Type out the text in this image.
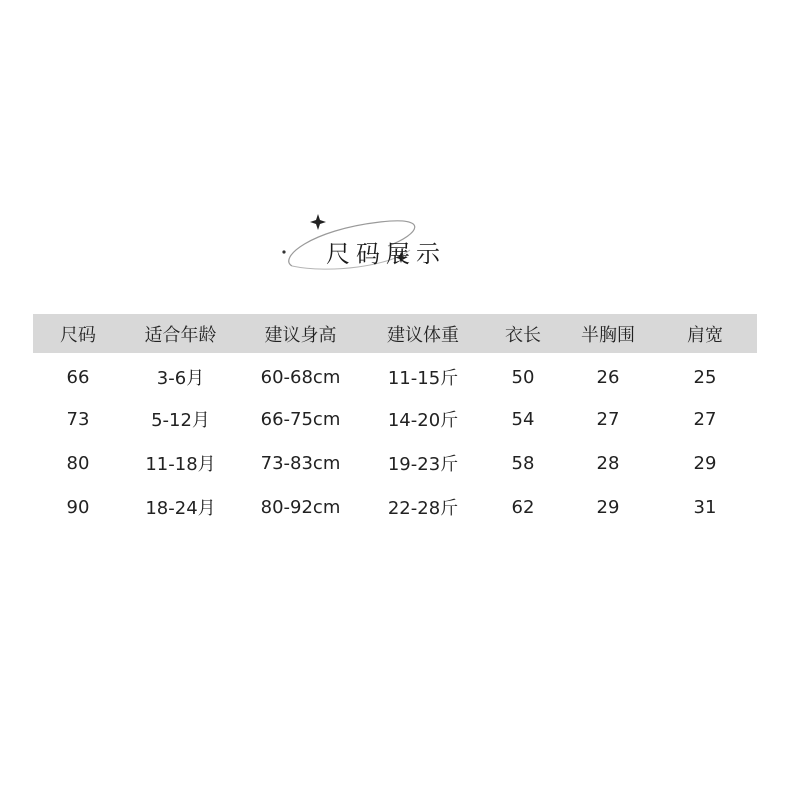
尺码展示
尺码	适合年龄	建议身高	建议体重	衣长	半胸围	肩宽
66	3-6月	60-68cm	11-15斤	50	26	25
73	5-12月	66-75cm	14-20斤	54	27	27
80	11-18月	73-83cm	19-23斤	58	28	29
90	18-24月	80-92cm	22-28斤	62	29	31
